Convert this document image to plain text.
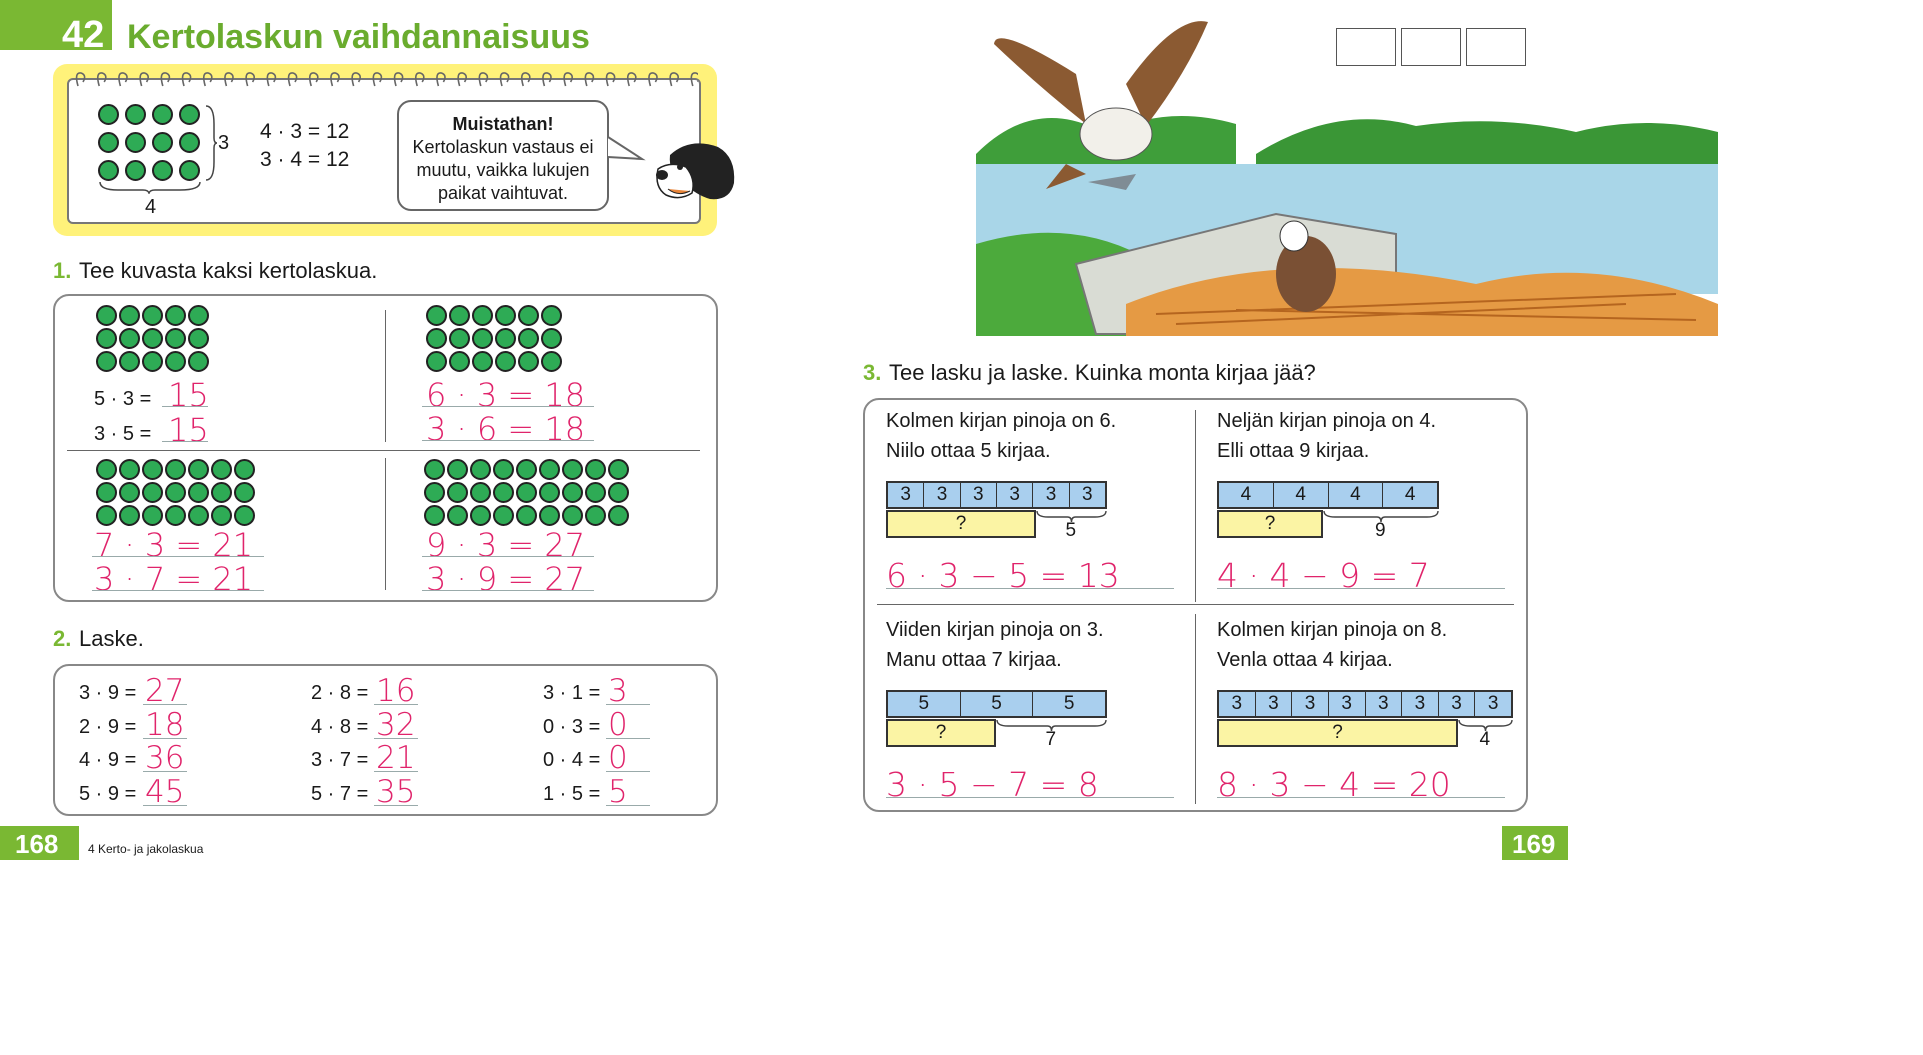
42 Kertolaskun vaihdannaisuus
3
4
4 · 3 = 12
3 · 4 = 12
Muistathan!
Kertolaskun vastaus ei
muutu, vaikka lukujen
paikat vaihtuvat.
1. Tee kuvasta kaksi kertolaskua.
5 · 3 = 15
3 · 5 = 15
6 · 3 = 18
3 · 6 = 18
7 · 3 = 21
3 · 7 = 21
9 · 3 = 27
3 · 9 = 27
2. Laske.
3 · 9 = 27
2 · 9 = 18
4 · 9 = 36
5 · 9 = 45
2 · 8 = 16
4 · 8 = 32
3 · 7 = 21
5 · 7 = 35
3 · 1 = 3
0 · 3 = 0
0 · 4 = 0
1 · 5 = 5
3. Tee lasku ja laske. Kuinka monta kirjaa jää?
Kolmen kirjan pinoja on 6.
Niilo ottaa 5 kirjaa.
3	3	3	3	3	3
?	5
6 · 3 − 5 = 13
Neljän kirjan pinoja on 4.
Elli ottaa 9 kirjaa.
4	4	4	4
?	9
4 · 4 − 9 = 7
Viiden kirjan pinoja on 3.
Manu ottaa 7 kirjaa.
5	5	5
?	7
3 · 5 − 7 = 8
Kolmen kirjan pinoja on 8.
Venla ottaa 4 kirjaa.
3	3	3	3	3	3	3	3
?	4
8 · 3 − 4 = 20
168 4 Kerto- ja jakolaskua	169
